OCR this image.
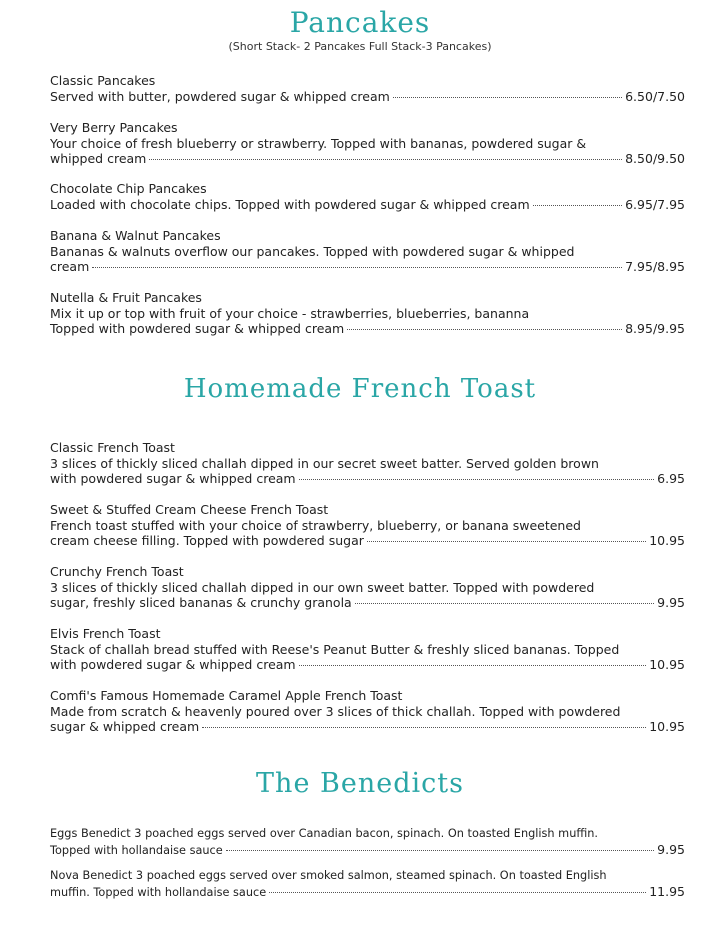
Pancakes
(Short Stack- 2 Pancakes Full Stack-3 Pancakes)
Classic Pancakes
Served with butter, powdered sugar & whipped cream	6.50/7.50
Very Berry Pancakes
Your choice of fresh blueberry or strawberry. Topped with bananas, powdered sugar &
whipped cream	8.50/9.50
Chocolate Chip Pancakes
Loaded with chocolate chips. Topped with powdered sugar & whipped cream	6.95/7.95
Banana & Walnut Pancakes
Bananas & walnuts overflow our pancakes. Topped with powdered sugar & whipped
cream	7.95/8.95
Nutella & Fruit Pancakes
Mix it up or top with fruit of your choice - strawberries, blueberries, bananna
Topped with powdered sugar & whipped cream	8.95/9.95
Homemade French Toast
Classic French Toast
3 slices of thickly sliced challah dipped in our secret sweet batter. Served golden brown
with powdered sugar & whipped cream	6.95
Sweet & Stuffed Cream Cheese French Toast
French toast stuffed with your choice of strawberry, blueberry, or banana sweetened
cream cheese filling. Topped with powdered sugar	10.95
Crunchy French Toast
3 slices of thickly sliced challah dipped in our own sweet batter. Topped with powdered
sugar, freshly sliced bananas & crunchy granola	9.95
Elvis French Toast
Stack of challah bread stuffed with Reese's Peanut Butter & freshly sliced bananas. Topped
with powdered sugar & whipped cream	10.95
Comfi's Famous Homemade Caramel Apple French Toast
Made from scratch & heavenly poured over 3 slices of thick challah. Topped with powdered
sugar & whipped cream	10.95
The Benedicts
Eggs Benedict 3 poached eggs served over Canadian bacon, spinach. On toasted English muffin.
Topped with hollandaise sauce	9.95
Nova Benedict 3 poached eggs served over smoked salmon, steamed spinach. On toasted English
muffin. Topped with hollandaise sauce	11.95
